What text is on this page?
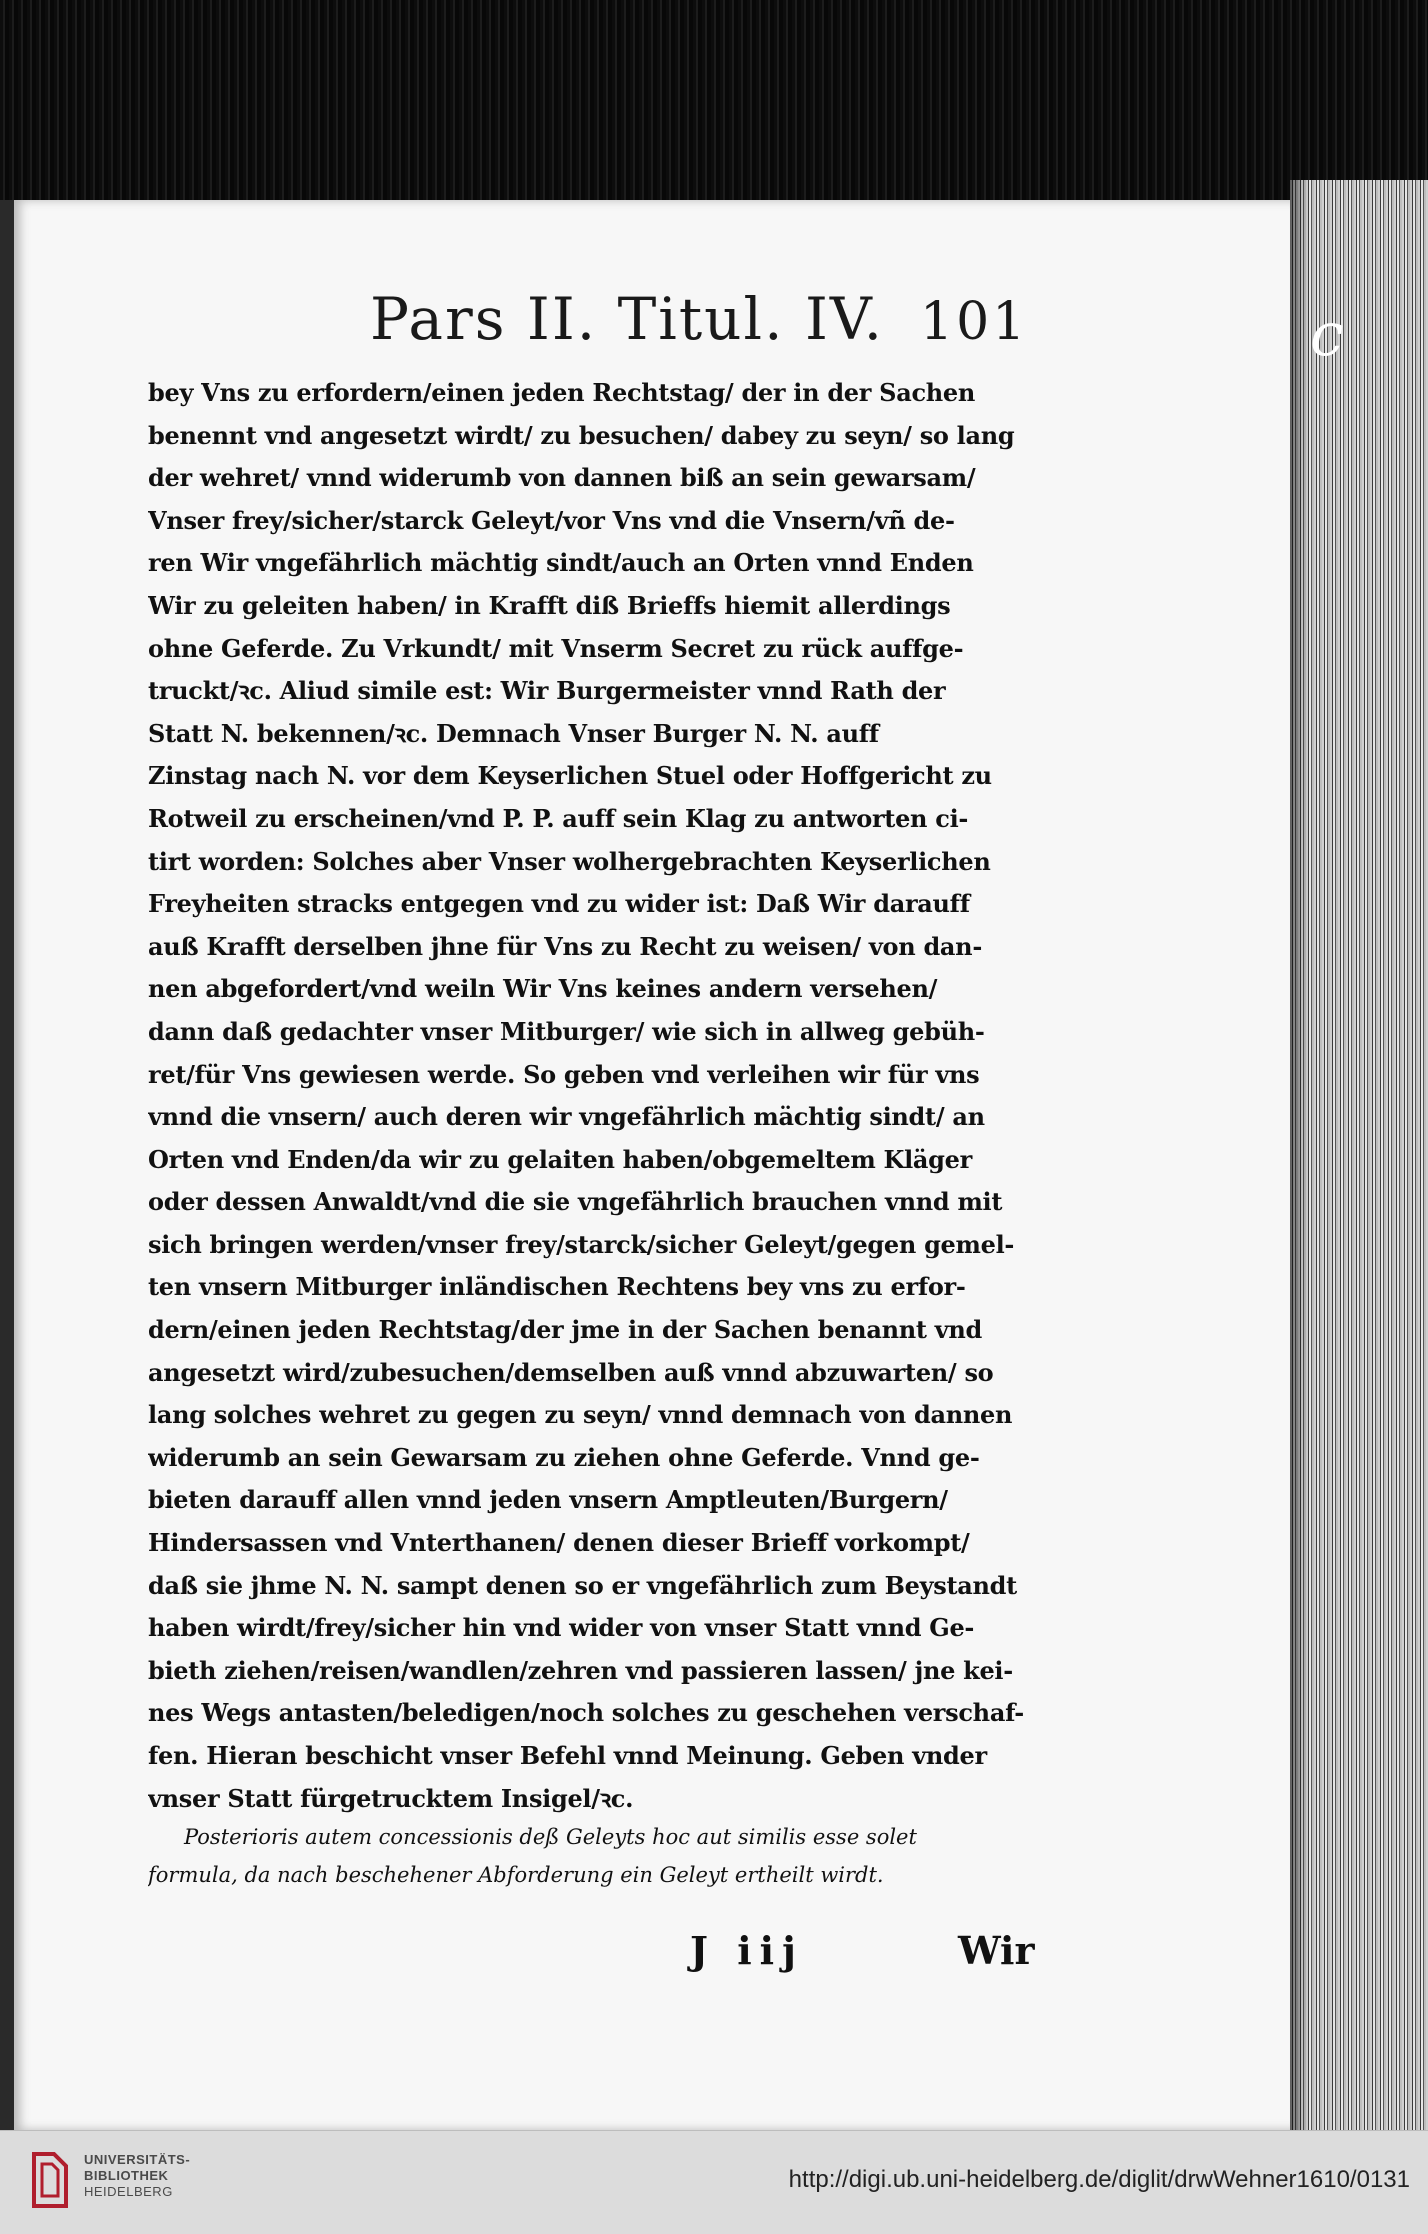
Pars II. Titul. IV. 101	c
bey Vns zu erfordern/einen jeden Rechtstag/ der in der Sachen
benennt vnd angesetzt wirdt/ zu besuchen/ dabey zu seyn/ so lang
der wehret/ vnnd widerumb von dannen biß an sein gewarsam/
Vnser frey/sicher/starck Geleyt/vor Vns vnd die Vnsern/vñ de-
ren Wir vngefährlich mächtig sindt/auch an Orten vnnd Enden
Wir zu geleiten haben/ in Krafft diß Brieffs hiemit allerdings
ohne Geferde. Zu Vrkundt/ mit Vnserm Secret zu rück auffge-
truckt/ꝛc. Aliud simile est: Wir Burgermeister vnnd Rath der
Statt N. bekennen/ꝛc. Demnach Vnser Burger N. N. auff
Zinstag nach N. vor dem Keyserlichen Stuel oder Hoffgericht zu
Rotweil zu erscheinen/vnd P. P. auff sein Klag zu antworten ci-
tirt worden: Solches aber Vnser wolhergebrachten Keyserlichen
Freyheiten stracks entgegen vnd zu wider ist: Daß Wir darauff
auß Krafft derselben jhne für Vns zu Recht zu weisen/ von dan-
nen abgefordert/vnd weiln Wir Vns keines andern versehen/
dann daß gedachter vnser Mitburger/ wie sich in allweg gebüh-
ret/für Vns gewiesen werde. So geben vnd verleihen wir für vns
vnnd die vnsern/ auch deren wir vngefährlich mächtig sindt/ an
Orten vnd Enden/da wir zu gelaiten haben/obgemeltem Kläger
oder dessen Anwaldt/vnd die sie vngefährlich brauchen vnnd mit
sich bringen werden/vnser frey/starck/sicher Geleyt/gegen gemel-
ten vnsern Mitburger inländischen Rechtens bey vns zu erfor-
dern/einen jeden Rechtstag/der jme in der Sachen benannt vnd
angesetzt wird/zubesuchen/demselben auß vnnd abzuwarten/ so
lang solches wehret zu gegen zu seyn/ vnnd demnach von dannen
widerumb an sein Gewarsam zu ziehen ohne Geferde. Vnnd ge-
bieten darauff allen vnnd jeden vnsern Amptleuten/Burgern/
Hindersassen vnd Vnterthanen/ denen dieser Brieff vorkompt/
daß sie jhme N. N. sampt denen so er vngefährlich zum Beystandt
haben wirdt/frey/sicher hin vnd wider von vnser Statt vnnd Ge-
bieth ziehen/reisen/wandlen/zehren vnd passieren lassen/ jne kei-
nes Wegs antasten/beledigen/noch solches zu geschehen verschaf-
fen. Hieran beschicht vnser Befehl vnnd Meinung. Geben vnder
vnser Statt fürgetrucktem Insigel/ꝛc.
Posterioris autem concessionis deß Geleyts hoc aut similis esse solet
formula, da nach beschehener Abforderung ein Geleyt ertheilt wirdt.
J iij	Wir
UNIVERSITÄTS-
BIBLIOTHEK
HEIDELBERG	http://digi.ub.uni-heidelberg.de/diglit/drwWehner1610/0131
